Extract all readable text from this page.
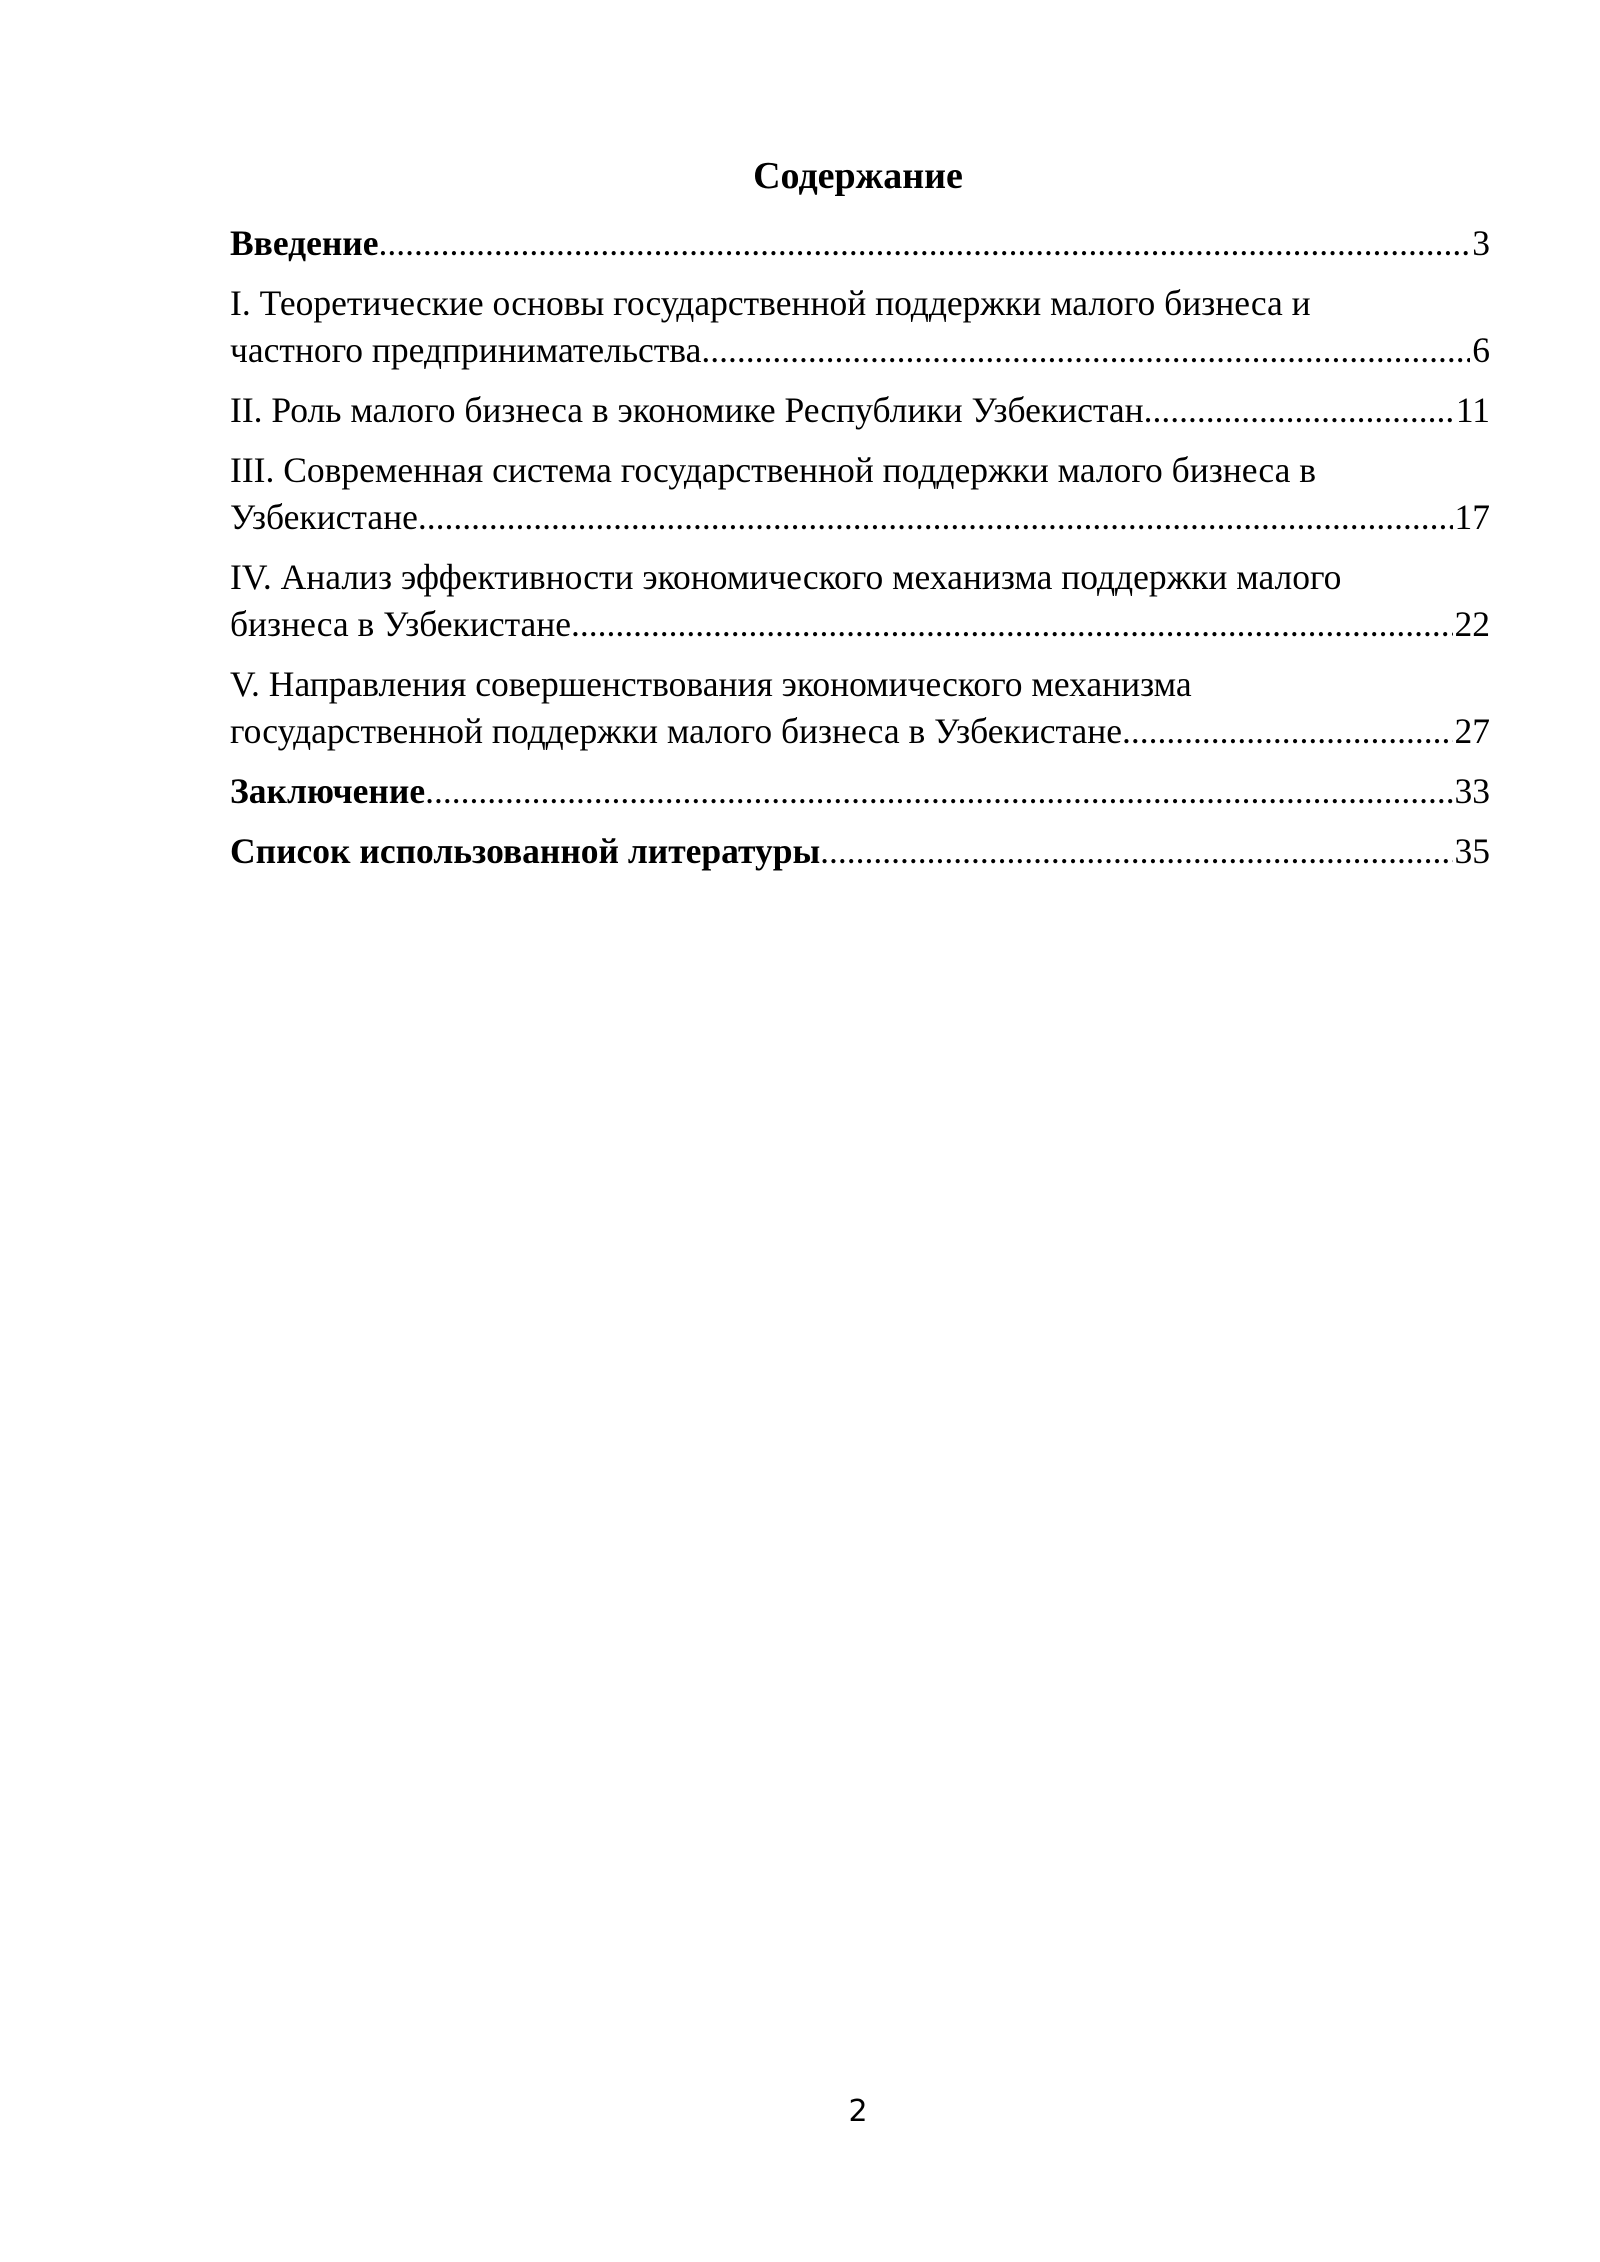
Содержание
Введение .....	3
I. Теоретические основы государственной поддержки малого бизнеса и
частного предпринимательства. .....	6
II. Роль малого бизнеса в экономике Республики Узбекистан .....	11
III. Современная система государственной поддержки малого бизнеса в
Узбекистане .....	17
IV. Анализ эффективности экономического механизма поддержки малого
бизнеса в Узбекистане .....	22
V. Направления совершенствования экономического механизма
государственной поддержки малого бизнеса в Узбекистане .....	27
Заключение .....	33
Список использованной литературы .....	35
2
